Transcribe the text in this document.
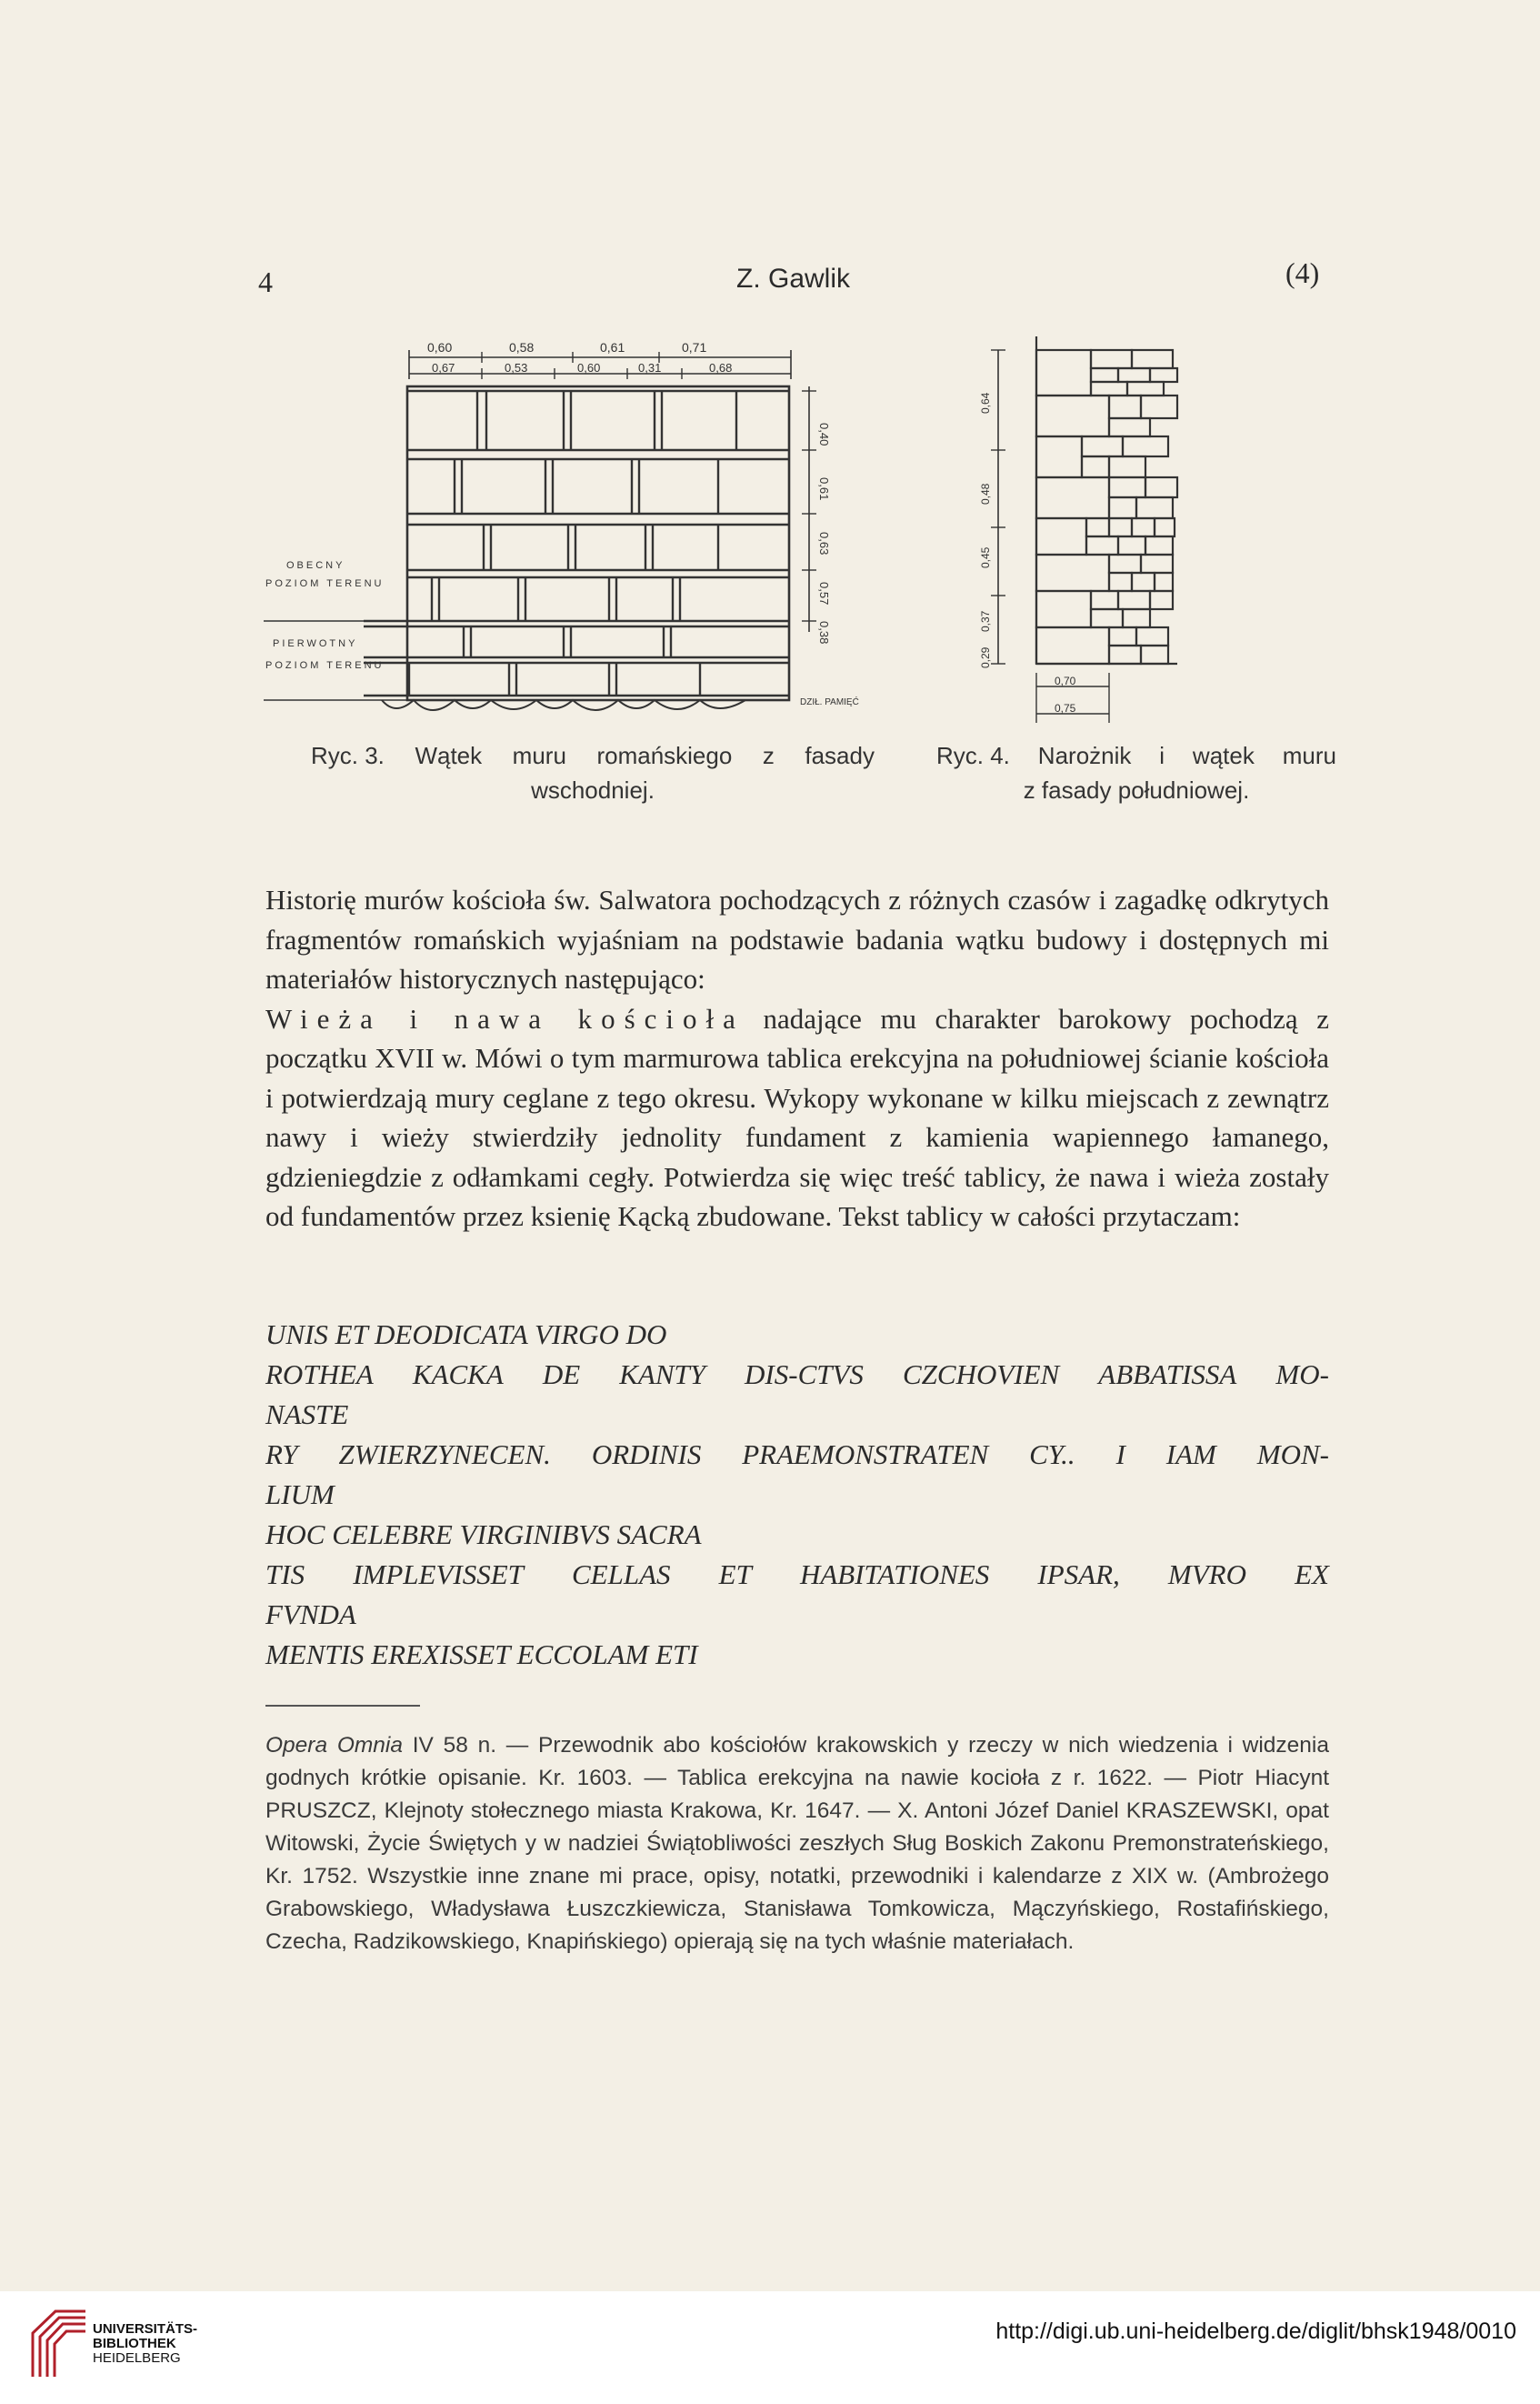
4	Z. Gawlik	(4)
0,60	0,58	0,61	0,71
0,67	0,53	0,60	0,31	0,68
OBECNY
POZIOM TERENU
PIERWOTNY
POZIOM TERENU
DZIŁ. PAMIĘĆ
0,40
0,61
0,63
0,57
0,38
0,64
0,48
0,45
0,37
0,29
0,70
0,75
Ryc. 3. Wątek muru romańskiego z fasady
wschodniej.
Ryc. 4. Narożnik i wątek muru
z fasady południowej.

Historię murów kościoła św. Salwatora pochodzących z różnych czasów i zagadkę odkrytych fragmentów romańskich wyjaśniam na podstawie badania wątku budowy i dostępnych mi materiałów historycznych następująco:

Wieża i nawa kościoła nadające mu charakter barokowy pochodzą z początku XVII w. Mówi o tym marmurowa tablica erekcyjna na południowej ścianie kościoła i potwierdzają mury ceglane z tego okresu. Wykopy wykonane w kilku miejscach z zewnątrz nawy i wieży stwierdziły jednolity fundament z kamienia wapiennego łamanego, gdzieniegdzie z odłamkami cegły. Potwierdza się więc treść tablicy, że nawa i wieża zostały od fundamentów przez ksienię Kącką zbudowane. Tekst tablicy w całości przytaczam:

UNIS ET DEODICATA VIRGO DO
ROTHEA KACKA DE KANTY DIS-CTVS CZCHOVIEN ABBATISSA MO-
NASTE
RY ZWIERZYNECEN. ORDINIS PRAEMONSTRATEN CY.. I IAM MON-
LIUM
HOC CELEBRE VIRGINIBVS SACRA
TIS IMPLEVISSET CELLAS ET HABITATIONES IPSAR, MVRO EX
FVNDA
MENTIS EREXISSET ECCOLAM ETI
Opera Omnia IV 58 n. — Przewodnik abo kościołów krakowskich y rzeczy w nich wiedzenia i widzenia godnych krótkie opisanie. Kr. 1603. — Tablica erekcyjna na nawie kocioła z r. 1622. — Piotr Hiacynt PRUSZCZ, Klejnoty stołecznego miasta Krakowa, Kr. 1647. — X. Antoni Józef Daniel KRASZEWSKI, opat Witowski, Życie Świętych y w nadziei Świątobliwości zeszłych Sług Boskich Zakonu Premonstrateńskiego, Kr. 1752. Wszystkie inne znane mi prace, opisy, notatki, przewodniki i kalendarze z XIX w. (Ambrożego Grabowskiego, Władysława Łuszczkiewicza, Stanisława Tomkowicza, Mączyńskiego, Rostafińskiego, Czecha, Radzikowskiego, Knapińskiego) opierają się na tych właśnie materiałach.
UNIVERSITÄTS-
BIBLIOTHEK
HEIDELBERG
http://digi.ub.uni-heidelberg.de/diglit/bhsk1948/0010
